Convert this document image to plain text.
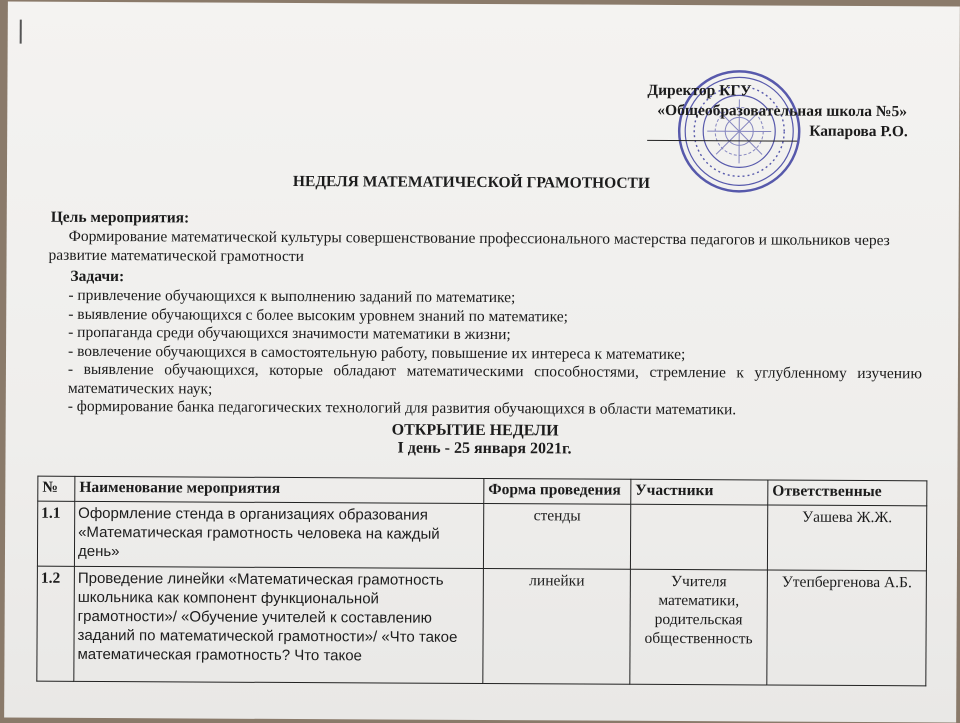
Директор КГУ
«Общеобразовательная школа №5»
Капарова Р.О.
НЕДЕЛЯ МАТЕМАТИЧЕСКОЙ ГРАМОТНОСТИ
Цель мероприятия:
Формирование математической культуры совершенствование профессионального мастерства педагогов и школьников через развитие математической грамотности
Задачи:
- привлечение обучающихся к выполнению заданий по математике;
- выявление обучающихся с более высоким уровнем знаний по математике;
- пропаганда среди обучающихся значимости математики в жизни;
- вовлечение обучающихся в самостоятельную работу, повышение их интереса к математике;
- выявление обучающихся, которые обладают математическими способностями, стремление к углубленному изучению математических наук;
- формирование банка педагогических технологий для развития обучающихся в области математики.
ОТКРЫТИЕ НЕДЕЛИ
I день - 25 января 2021г.
№	Наименование мероприятия	Форма проведения	Участники	Ответственные
1.1	Оформление стенда в организациях образования «Математическая грамотность человека на каждый день»	стенды		Уашева Ж.Ж.
1.2	Проведение линейки «Математическая грамотность школьника как компонент функциональной грамотности»/ «Обучение учителей к составлению заданий по математической грамотности»/ «Что такое математическая грамотность? Что такое	линейки	Учителя математики, родительская общественность	Утепбергенова А.Б.
